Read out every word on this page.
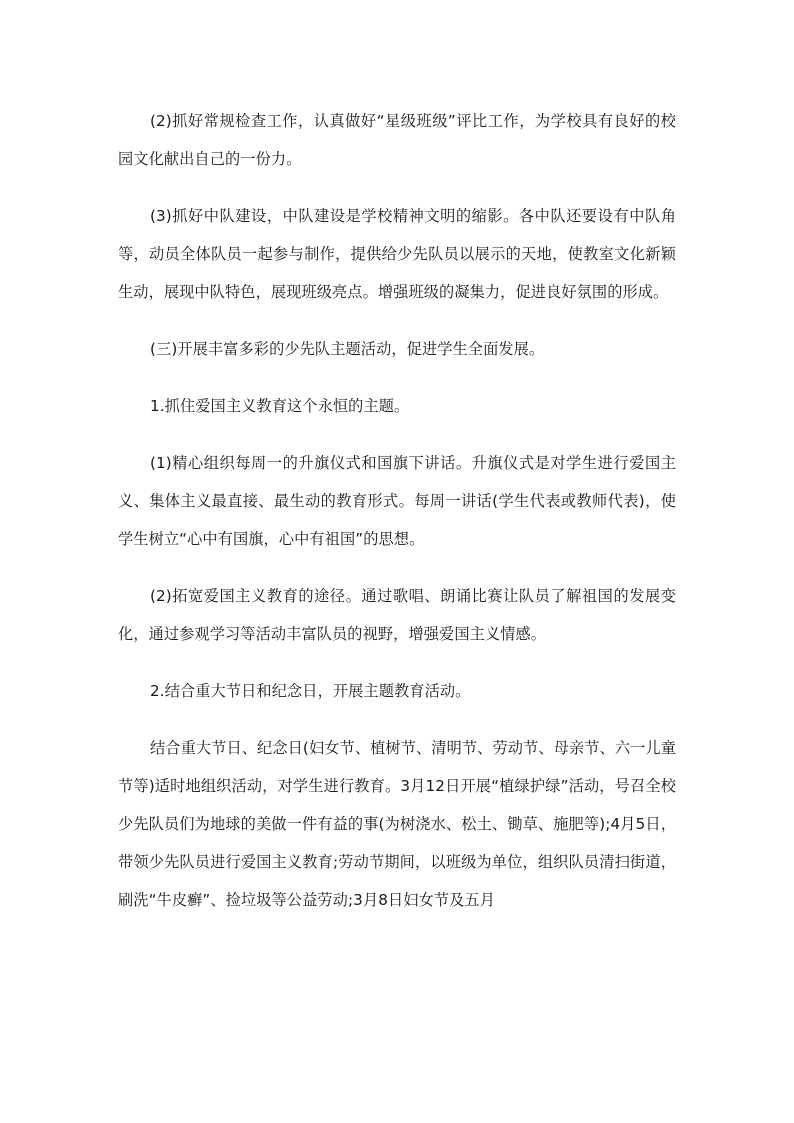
(2)抓好常规检查工作，认真做好“星级班级”评比工作，为学校具有良好的校园文化献出自己的一份力。

(3)抓好中队建设，中队建设是学校精神文明的缩影。各中队还要设有中队角等，动员全体队员一起参与制作，提供给少先队员以展示的天地，使教室文化新颖生动，展现中队特色，展现班级亮点。增强班级的凝集力，促进良好氛围的形成。

(三)开展丰富多彩的少先队主题活动，促进学生全面发展。

1.抓住爱国主义教育这个永恒的主题。

(1)精心组织每周一的升旗仪式和国旗下讲话。升旗仪式是对学生进行爱国主义、集体主义最直接、最生动的教育形式。每周一讲话(学生代表或教师代表)，使学生树立“心中有国旗，心中有祖国”的思想。

(2)拓宽爱国主义教育的途径。通过歌唱、朗诵比赛让队员了解祖国的发展变化，通过参观学习等活动丰富队员的视野，增强爱国主义情感。

2.结合重大节日和纪念日，开展主题教育活动。

结合重大节日、纪念日(妇女节、植树节、清明节、劳动节、母亲节、六一儿童节等)适时地组织活动，对学生进行教育。3月12日开展“植绿护绿”活动，号召全校少先队员们为地球的美做一件有益的事(为树浇水、松土、锄草、施肥等);4月5日，带领少先队员进行爱国主义教育;劳动节期间，以班级为单位，组织队员清扫街道，刷洗“牛皮癣”、捡垃圾等公益劳动;3月8日妇女节及五月
